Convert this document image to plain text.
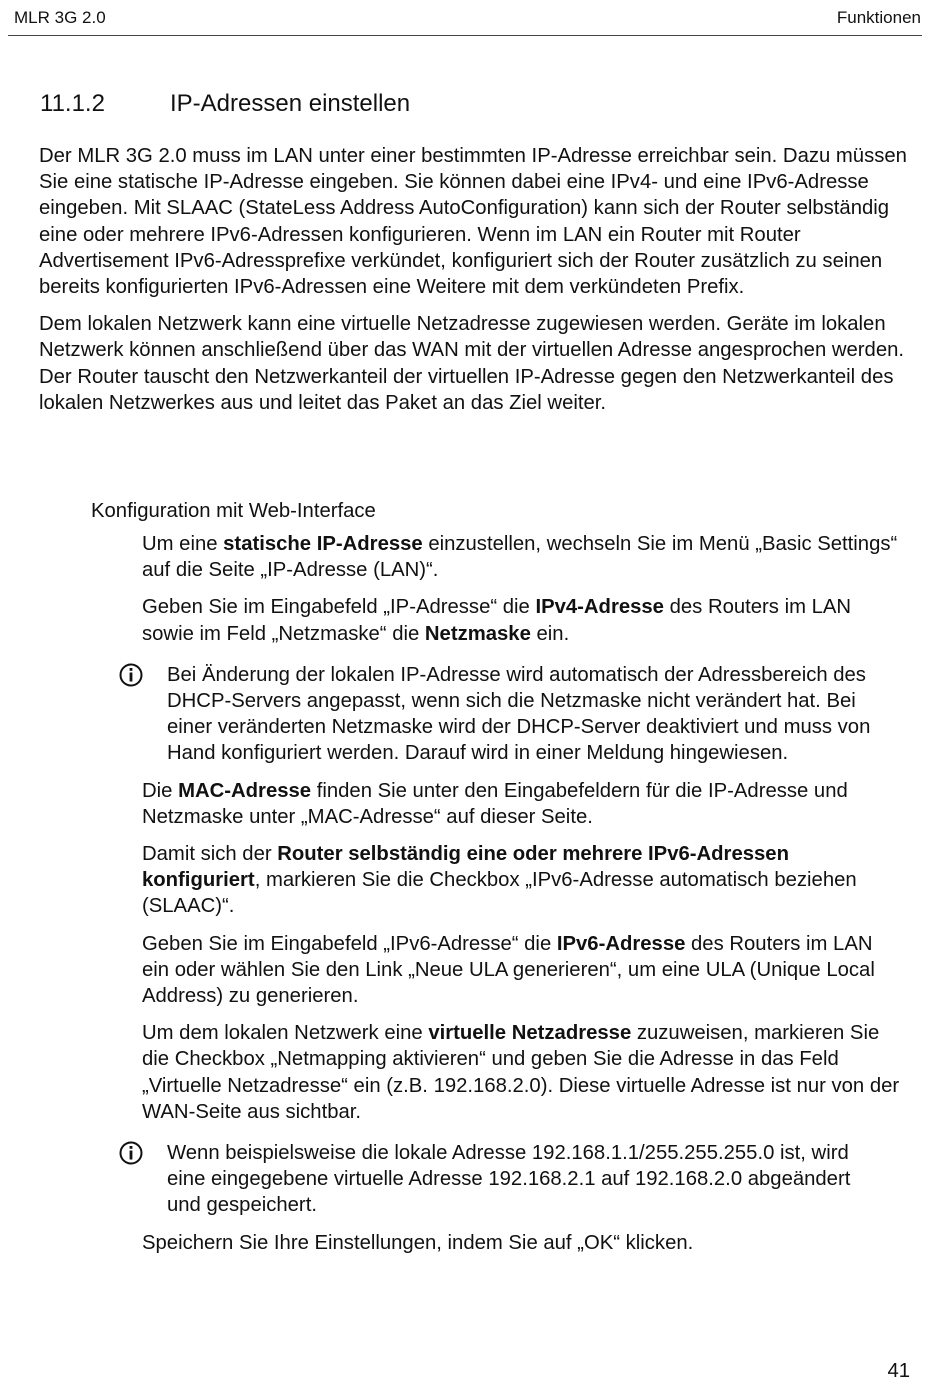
MLR 3G 2.0	Funktionen
11.1.2	IP-Adressen einstellen

Der MLR 3G 2.0 muss im LAN unter einer bestimmten IP-Adresse erreichbar sein. Dazu müssen Sie eine statische IP-Adresse eingeben. Sie können dabei eine IPv4- und eine IPv6-Adresse eingeben. Mit SLAAC (StateLess Address AutoConfiguration) kann sich der Router selbständig eine oder mehrere IPv6-Adressen konfigurieren. Wenn im LAN ein Router mit Router Advertisement IPv6-Adressprefixe verkündet, konfiguriert sich der Router zusätzlich zu seinen bereits konfigurierten IPv6-Adressen eine Weitere mit dem verkündeten Prefix.

Dem lokalen Netzwerk kann eine virtuelle Netzadresse zugewiesen werden. Geräte im lokalen Netzwerk können anschließend über das WAN mit der virtuellen Adresse angesprochen werden. Der Router tauscht den Netzwerkanteil der virtuellen IP-Adresse gegen den Netzwerkanteil des lokalen Netzwerkes aus und leitet das Paket an das Ziel weiter.

Konfiguration mit Web-Interface

Um eine statische IP-Adresse einzustellen, wechseln Sie im Menü „Basic Settings“ auf die Seite „IP-Adresse (LAN)“.

Geben Sie im Eingabefeld „IP-Adresse“ die IPv4-Adresse des Routers im LAN sowie im Feld „Netzmaske“ die Netzmaske ein.

Bei Änderung der lokalen IP-Adresse wird automatisch der Adressbereich des DHCP-Servers angepasst, wenn sich die Netzmaske nicht verändert hat. Bei einer veränderten Netzmaske wird der DHCP-Server deaktiviert und muss von Hand konfiguriert werden. Darauf wird in einer Meldung hingewiesen.

Die MAC-Adresse finden Sie unter den Eingabefeldern für die IP-Adresse und Netzmaske unter „MAC-Adresse“ auf dieser Seite.

Damit sich der Router selbständig eine oder mehrere IPv6-Adressen konfiguriert, markieren Sie die Checkbox „IPv6-Adresse automatisch beziehen (SLAAC)“.

Geben Sie im Eingabefeld „IPv6-Adresse“ die IPv6-Adresse des Routers im LAN ein oder wählen Sie den Link „Neue ULA generieren“, um eine ULA (Unique Local Address) zu generieren.

Um dem lokalen Netzwerk eine virtuelle Netzadresse zuzuweisen, markieren Sie die Checkbox „Netmapping aktivieren“ und geben Sie die Adresse in das Feld „Virtuelle Netzadresse“ ein (z.B. 192.168.2.0). Diese virtuelle Adresse ist nur von der WAN-Seite aus sichtbar.

Wenn beispielsweise die lokale Adresse 192.168.1.1/255.255.255.0 ist, wird eine eingegebene virtuelle Adresse 192.168.2.1 auf 192.168.2.0 abgeändert und gespeichert.

Speichern Sie Ihre Einstellungen, indem Sie auf „OK“ klicken.

41
